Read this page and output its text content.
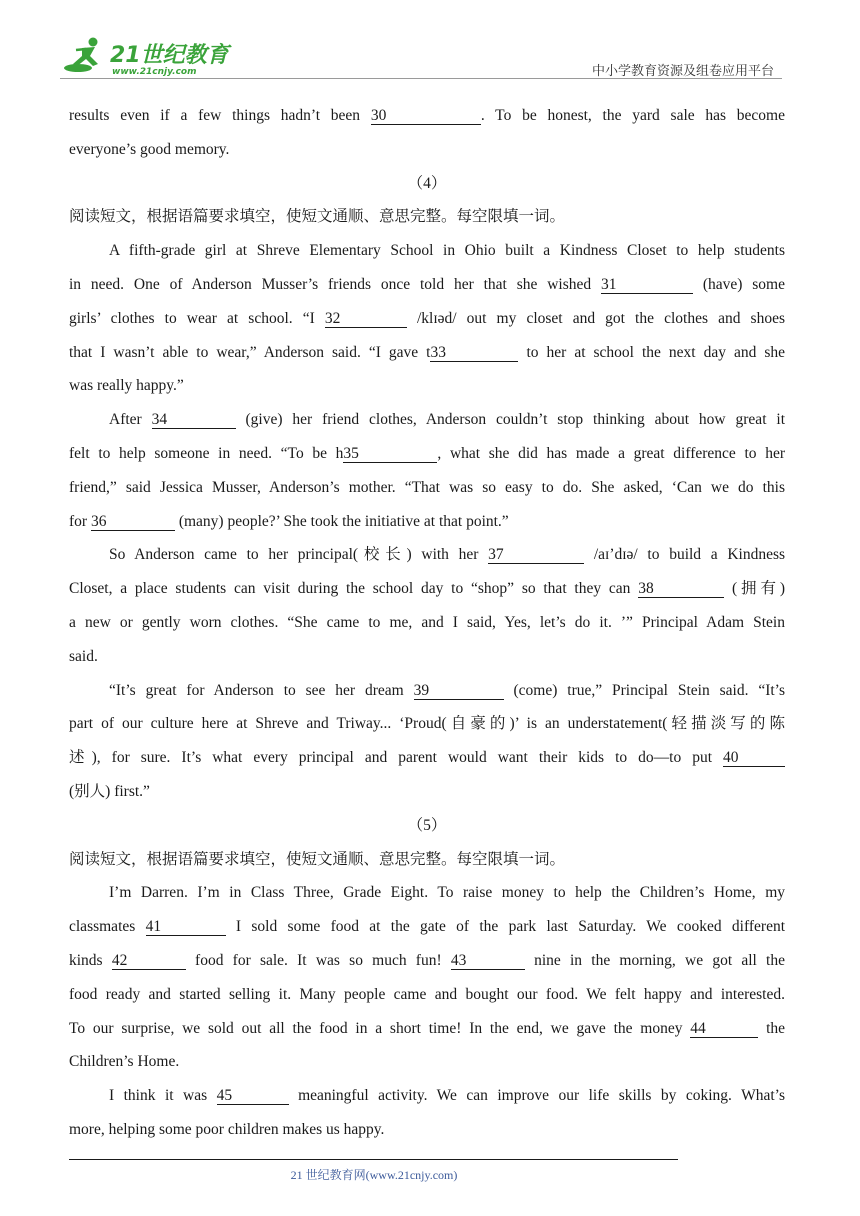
21世纪教育
www.21cnjy.com	中小学教育资源及组卷应用平台

results even if a few things hadn’t been 30	. To be honest, the yard sale has become

everyone’s good memory.

（4）

阅读短文，根据语篇要求填空，使短文通顺、意思完整。每空限填一词。

A fifth-grade girl at Shreve Elementary School in Ohio built a Kindness Closet to help students

in need. One of Anderson Musser’s friends once told her that she wished 31	(have) some

girls’ clothes to wear at school. “I 32	/klɪəd/ out my closet and got the clothes and shoes

that I wasn’t able to wear,” Anderson said. “I gave t33	to her at school the next day and she

was really happy.”

After 34	(give) her friend clothes, Anderson couldn’t stop thinking about how great it

felt to help someone in need. “To be h35	, what she did has made a great difference to her

friend,” said Jessica Musser, Anderson’s mother. “That was so easy to do. She asked, ‘Can we do this

for 36	(many) people?’ She took the initiative at that point.”

So Anderson came to her principal(校长) with her 37	/aɪ’dɪə/ to build a Kindness

Closet, a place students can visit during the school day to “shop” so that they can 38	(拥有)

a new or gently worn clothes. “She came to me, and I said, Yes, let’s do it. ’” Principal Adam Stein

said.

“It’s great for Anderson to see her dream 39	(come) true,” Principal Stein said. “It’s

part of our culture here at Shreve and Triway... ‘Proud(自豪的)’ is an understatement(轻描淡写的陈

述), for sure. It’s what every principal and parent would want their kids to do—to put 40

(别人) first.”

（5）

阅读短文，根据语篇要求填空，使短文通顺、意思完整。每空限填一词。

I’m Darren. I’m in Class Three, Grade Eight. To raise money to help the Children’s Home, my

classmates 41	I sold some food at the gate of the park last Saturday. We cooked different

kinds 42	food for sale. It was so much fun! 43	nine in the morning, we got all the

food ready and started selling it. Many people came and bought our food. We felt happy and interested.

To our surprise, we sold out all the food in a short time! In the end, we gave the money 44	the

Children’s Home.

I think it was 45	meaningful activity. We can improve our life skills by coking. What’s

more, helping some poor children makes us happy.

21 世纪教育网(www.21cnjy.com)
